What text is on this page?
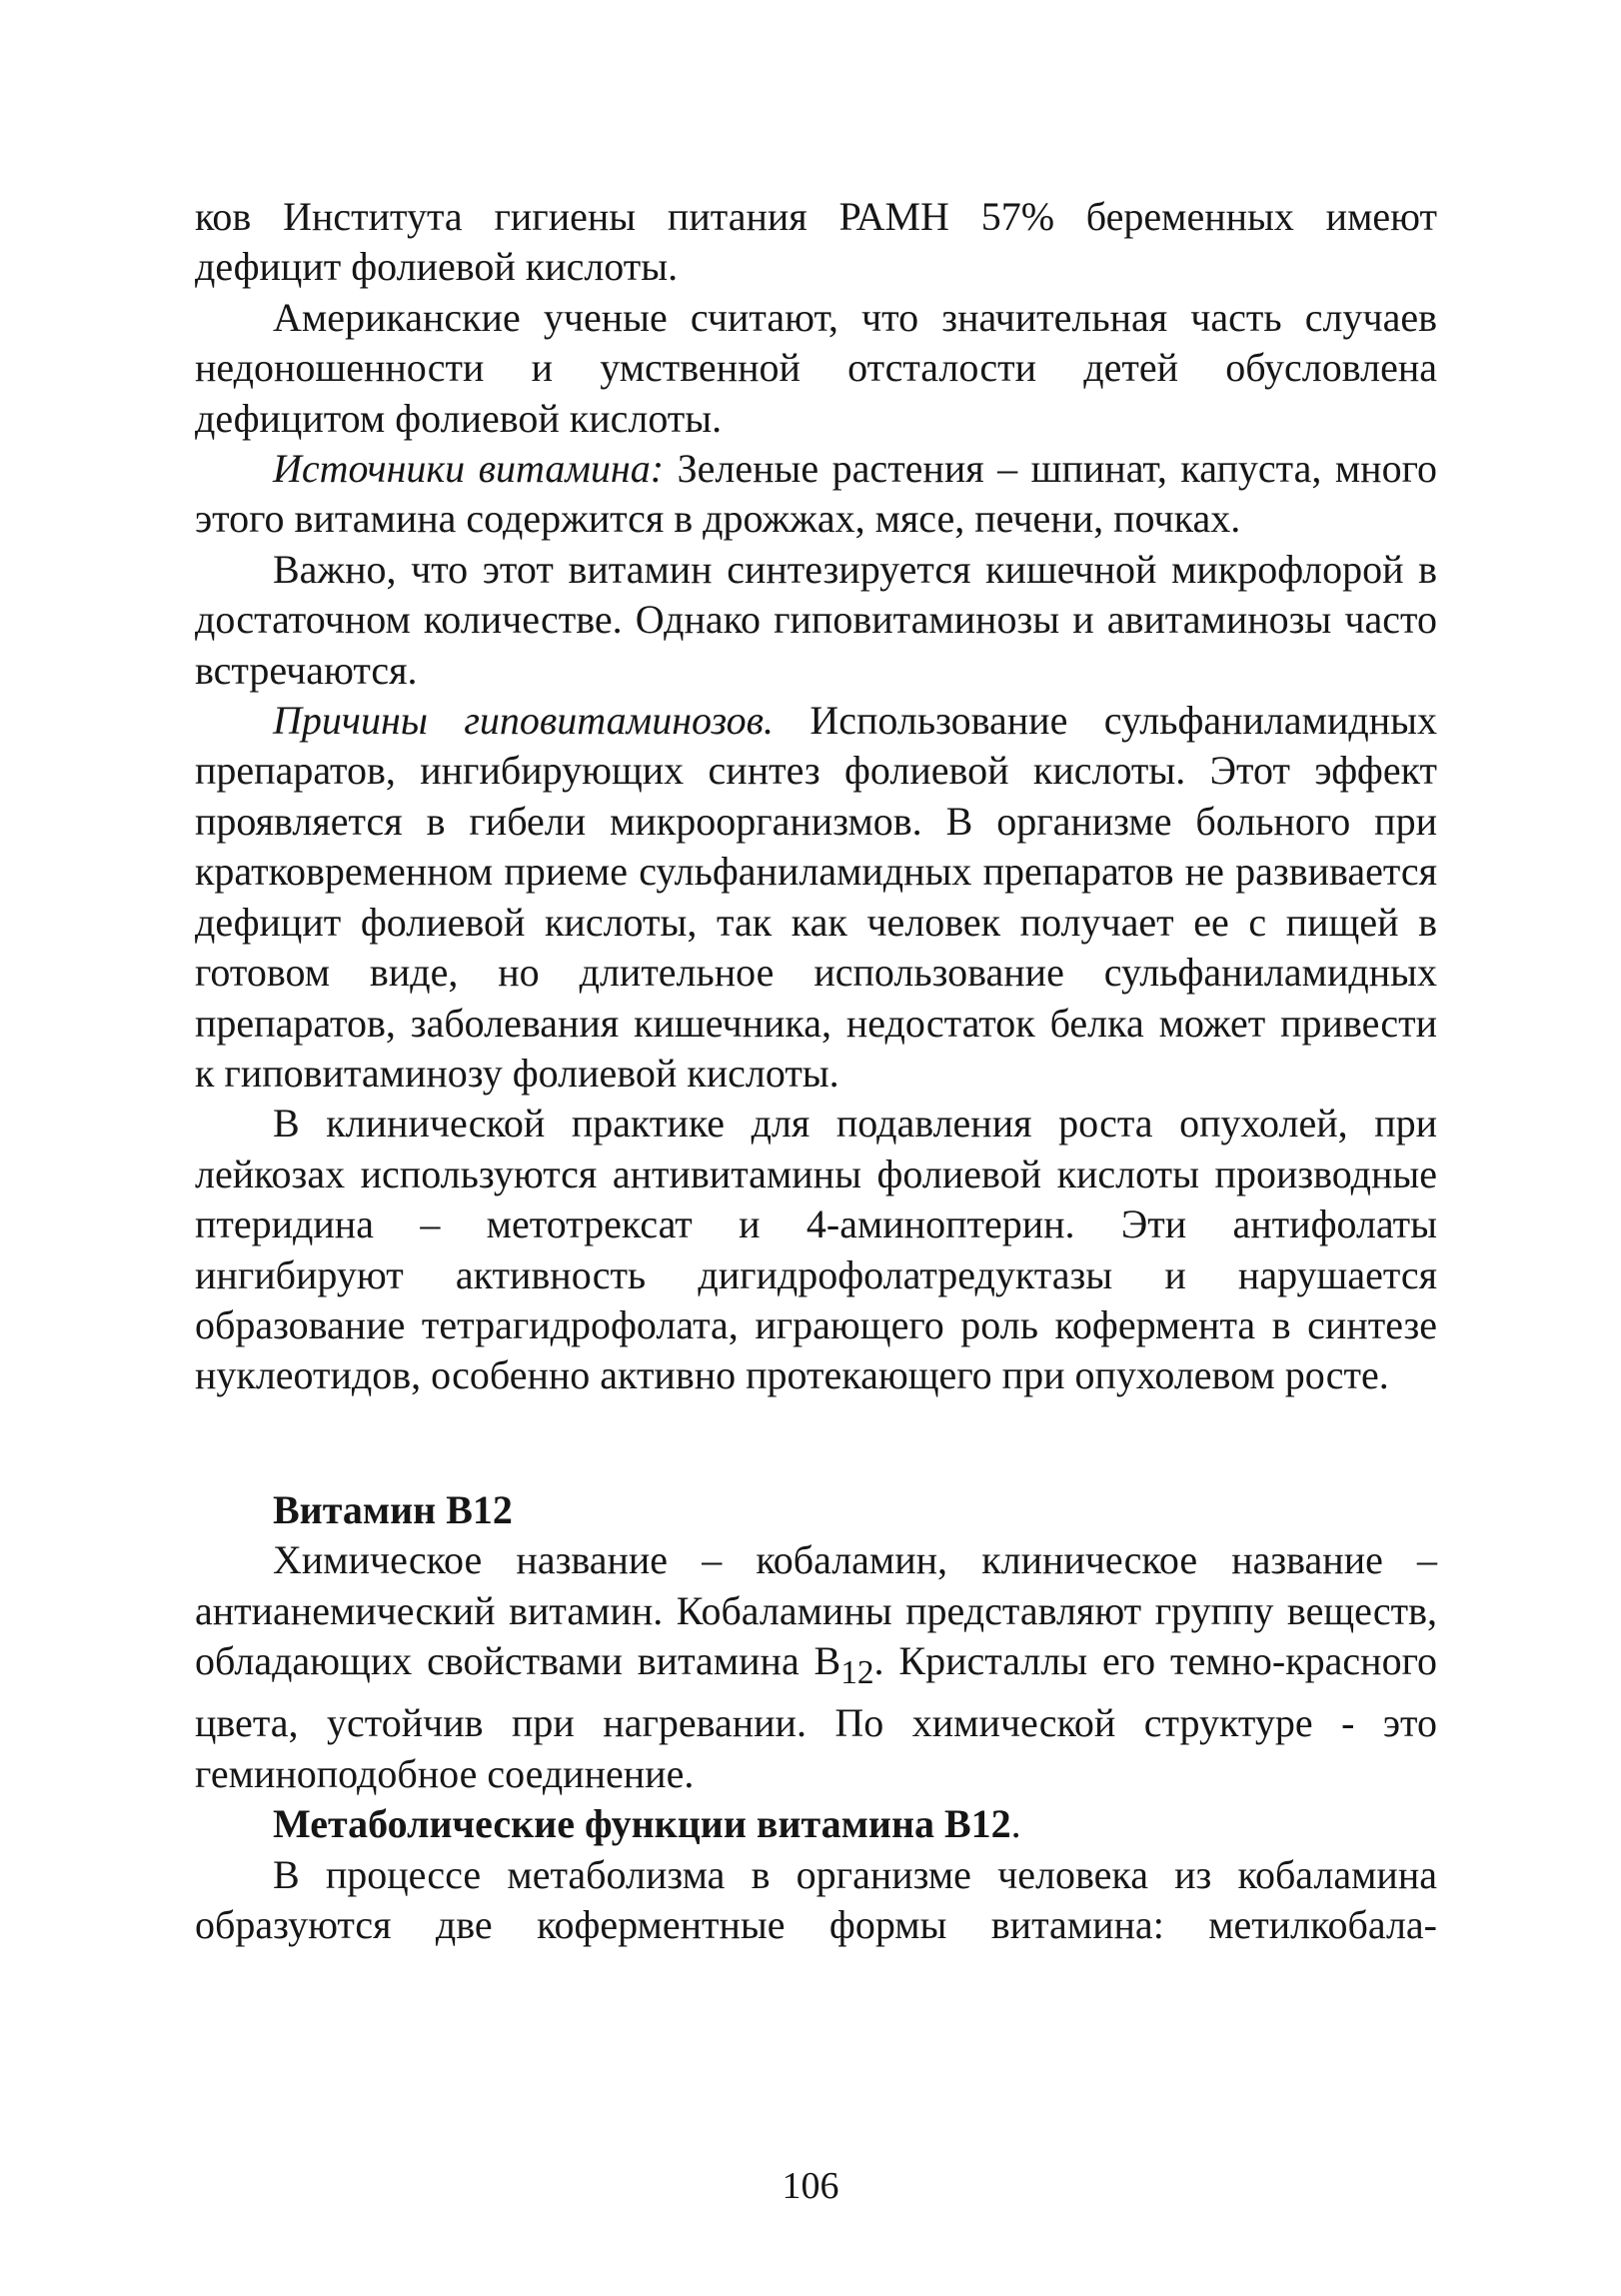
ков Института гигиены питания РАМН 57% беременных имеют дефицит фолиевой кислоты.

Американские ученые считают, что значительная часть случаев недоношенности и умственной отсталости детей обусловлена дефицитом фолиевой кислоты.

Источники витамина: Зеленые растения – шпинат, капуста, много этого витамина содержится в дрожжах, мясе, печени, почках.

Важно, что этот витамин синтезируется кишечной микрофлорой в достаточном количестве. Однако гиповитаминозы и авитаминозы часто встречаются.

Причины гиповитаминозов. Использование сульфаниламидных препаратов, ингибирующих синтез фолиевой кислоты. Этот эффект проявляется в гибели микроорганизмов. В организме больного при кратковременном приеме сульфаниламидных препаратов не развивается дефицит фолиевой кислоты, так как человек получает ее с пищей в готовом виде, но длительное использование сульфаниламидных препаратов, заболевания кишечника, недостаток белка может привести к гиповитаминозу фолиевой кислоты.

В клинической практике для подавления роста опухолей, при лейкозах используются антивитамины фолиевой кислоты производные птеридина – метотрексат и 4-аминоптерин. Эти антифолаты ингибируют активность дигидрофолатредуктазы и нарушается образование тетрагидрофолата, играющего роль кофермента в синтезе нуклеотидов, особенно активно протекающего при опухолевом росте.

Витамин В12

Химическое название – кобаламин, клиническое название – антианемический витамин. Кобаламины представляют группу веществ, обладающих свойствами витамина $В_{12}$. Кристаллы его темно-красного цвета, устойчив при нагревании. По химической структуре - это геминоподобное соединение.

Метаболические функции витамина В12.

В процессе метаболизма в организме человека из кобаламина образуются две коферментные формы витамина: метилкобала-

106
